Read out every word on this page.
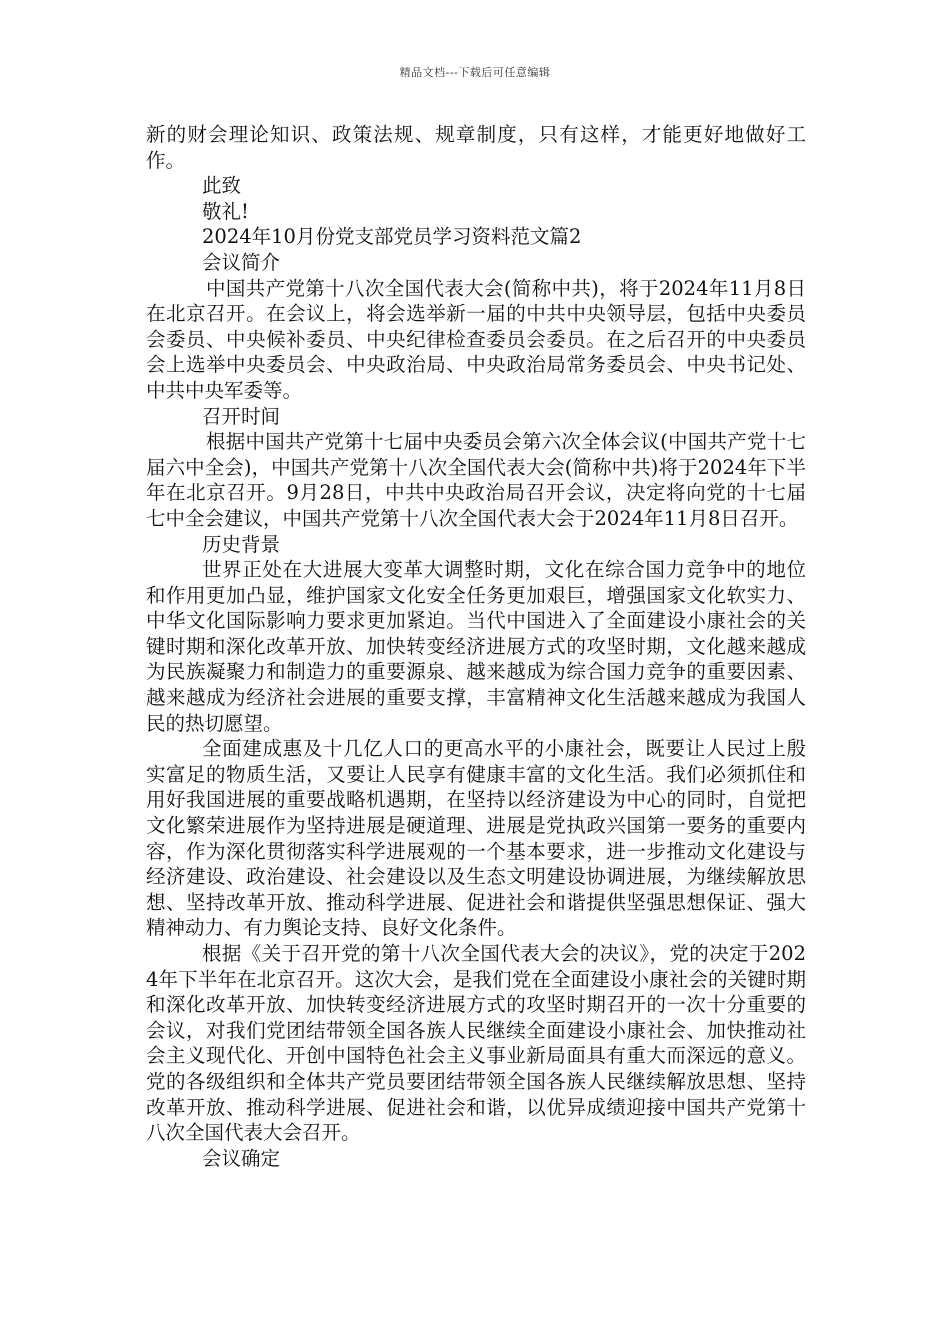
精品文档---下载后可任意编辑

新的财会理论知识、政策法规、规章制度，只有这样，才能更好地做好工作。

此致

敬礼!

2024年10月份党支部党员学习资料范文篇2

会议简介

中国共产党第十八次全国代表大会(简称中共)，将于2024年11月8日在北京召开。在会议上，将会选举新一届的中共中央领导层，包括中央委员会委员、中央候补委员、中央纪律检查委员会委员。在之后召开的中央委员会上选举中央委员会、中央政治局、中央政治局常务委员会、中央书记处、中共中央军委等。

召开时间

根据中国共产党第十七届中央委员会第六次全体会议(中国共产党十七届六中全会)，中国共产党第十八次全国代表大会(简称中共)将于2024年下半年在北京召开。9月28日，中共中央政治局召开会议，决定将向党的十七届七中全会建议，中国共产党第十八次全国代表大会于2024年11月8日召开。

历史背景

世界正处在大进展大变革大调整时期，文化在综合国力竞争中的地位和作用更加凸显，维护国家文化安全任务更加艰巨，增强国家文化软实力、中华文化国际影响力要求更加紧迫。当代中国进入了全面建设小康社会的关键时期和深化改革开放、加快转变经济进展方式的攻坚时期，文化越来越成为民族凝聚力和制造力的重要源泉、越来越成为综合国力竞争的重要因素、越来越成为经济社会进展的重要支撑，丰富精神文化生活越来越成为我国人民的热切愿望。

全面建成惠及十几亿人口的更高水平的小康社会，既要让人民过上殷实富足的物质生活，又要让人民享有健康丰富的文化生活。我们必须抓住和用好我国进展的重要战略机遇期，在坚持以经济建设为中心的同时，自觉把文化繁荣进展作为坚持进展是硬道理、进展是党执政兴国第一要务的重要内容，作为深化贯彻落实科学进展观的一个基本要求，进一步推动文化建设与经济建设、政治建设、社会建设以及生态文明建设协调进展，为继续解放思想、坚持改革开放、推动科学进展、促进社会和谐提供坚强思想保证、强大精神动力、有力舆论支持、良好文化条件。

根据《关于召开党的第十八次全国代表大会的决议》，党的决定于2024年下半年在北京召开。这次大会，是我们党在全面建设小康社会的关键时期和深化改革开放、加快转变经济进展方式的攻坚时期召开的一次十分重要的会议，对我们党团结带领全国各族人民继续全面建设小康社会、加快推动社会主义现代化、开创中国特色社会主义事业新局面具有重大而深远的意义。党的各级组织和全体共产党员要团结带领全国各族人民继续解放思想、坚持改革开放、推动科学进展、促进社会和谐，以优异成绩迎接中国共产党第十八次全国代表大会召开。

会议确定
